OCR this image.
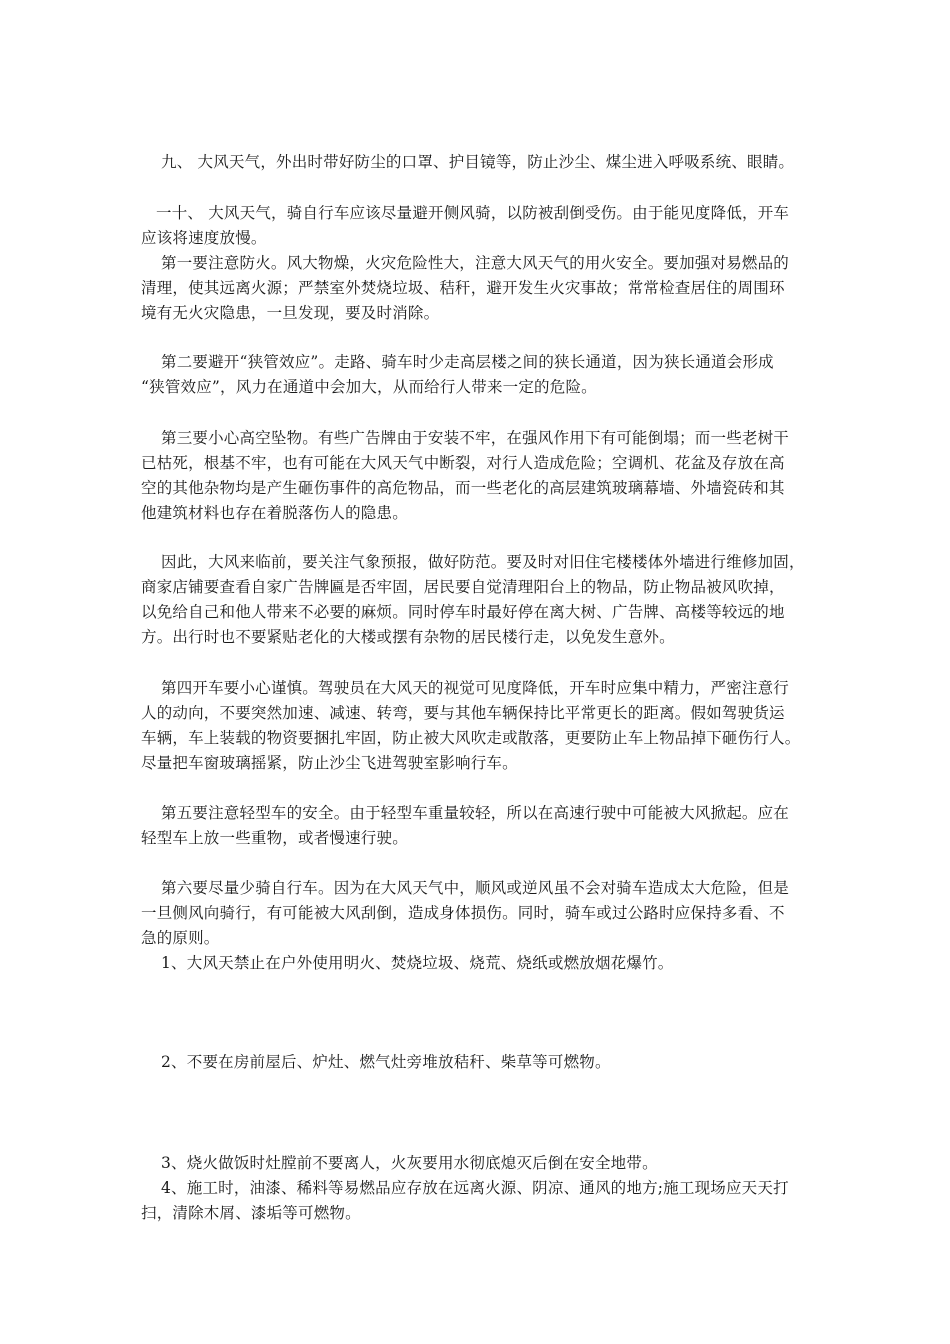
九、 大风天气，外出时带好防尘的口罩、护目镜等，防止沙尘、煤尘进入呼吸系统、眼睛。
一十、 大风天气，骑自行车应该尽量避开侧风骑，以防被刮倒受伤。由于能见度降低，开车
应该将速度放慢。
第一要注意防火。风大物燥，火灾危险性大，注意大风天气的用火安全。要加强对易燃品的
清理，使其远离火源；严禁室外焚烧垃圾、秸秆，避开发生火灾事故；常常检查居住的周围环
境有无火灾隐患，一旦发现，要及时消除。
第二要避开“狭管效应”。走路、骑车时少走高层楼之间的狭长通道，因为狭长通道会形成
“狭管效应”，风力在通道中会加大，从而给行人带来一定的危险。
第三要小心高空坠物。有些广告牌由于安装不牢，在强风作用下有可能倒塌；而一些老树干
已枯死，根基不牢，也有可能在大风天气中断裂，对行人造成危险；空调机、花盆及存放在高
空的其他杂物均是产生砸伤事件的高危物品，而一些老化的高层建筑玻璃幕墙、外墙瓷砖和其
他建筑材料也存在着脱落伤人的隐患。
因此，大风来临前，要关注气象预报，做好防范。要及时对旧住宅楼楼体外墙进行维修加固，
商家店铺要查看自家广告牌匾是否牢固，居民要自觉清理阳台上的物品，防止物品被风吹掉，
以免给自己和他人带来不必要的麻烦。同时停车时最好停在离大树、广告牌、高楼等较远的地
方。出行时也不要紧贴老化的大楼或摆有杂物的居民楼行走，以免发生意外。
第四开车要小心谨慎。驾驶员在大风天的视觉可见度降低，开车时应集中精力，严密注意行
人的动向，不要突然加速、减速、转弯，要与其他车辆保持比平常更长的距离。假如驾驶货运
车辆，车上装载的物资要捆扎牢固，防止被大风吹走或散落，更要防止车上物品掉下砸伤行人。
尽量把车窗玻璃摇紧，防止沙尘飞进驾驶室影响行车。
第五要注意轻型车的安全。由于轻型车重量较轻，所以在高速行驶中可能被大风掀起。应在
轻型车上放一些重物，或者慢速行驶。
第六要尽量少骑自行车。因为在大风天气中，顺风或逆风虽不会对骑车造成太大危险，但是
一旦侧风向骑行，有可能被大风刮倒，造成身体损伤。同时，骑车或过公路时应保持多看、不
急的原则。
1、大风天禁止在户外使用明火、焚烧垃圾、烧荒、烧纸或燃放烟花爆竹。
2、不要在房前屋后、炉灶、燃气灶旁堆放秸秆、柴草等可燃物。
3、烧火做饭时灶膛前不要离人，火灰要用水彻底熄灭后倒在安全地带。
4、施工时，油漆、稀料等易燃品应存放在远离火源、阴凉、通风的地方;施工现场应天天打
扫，清除木屑、漆垢等可燃物。
